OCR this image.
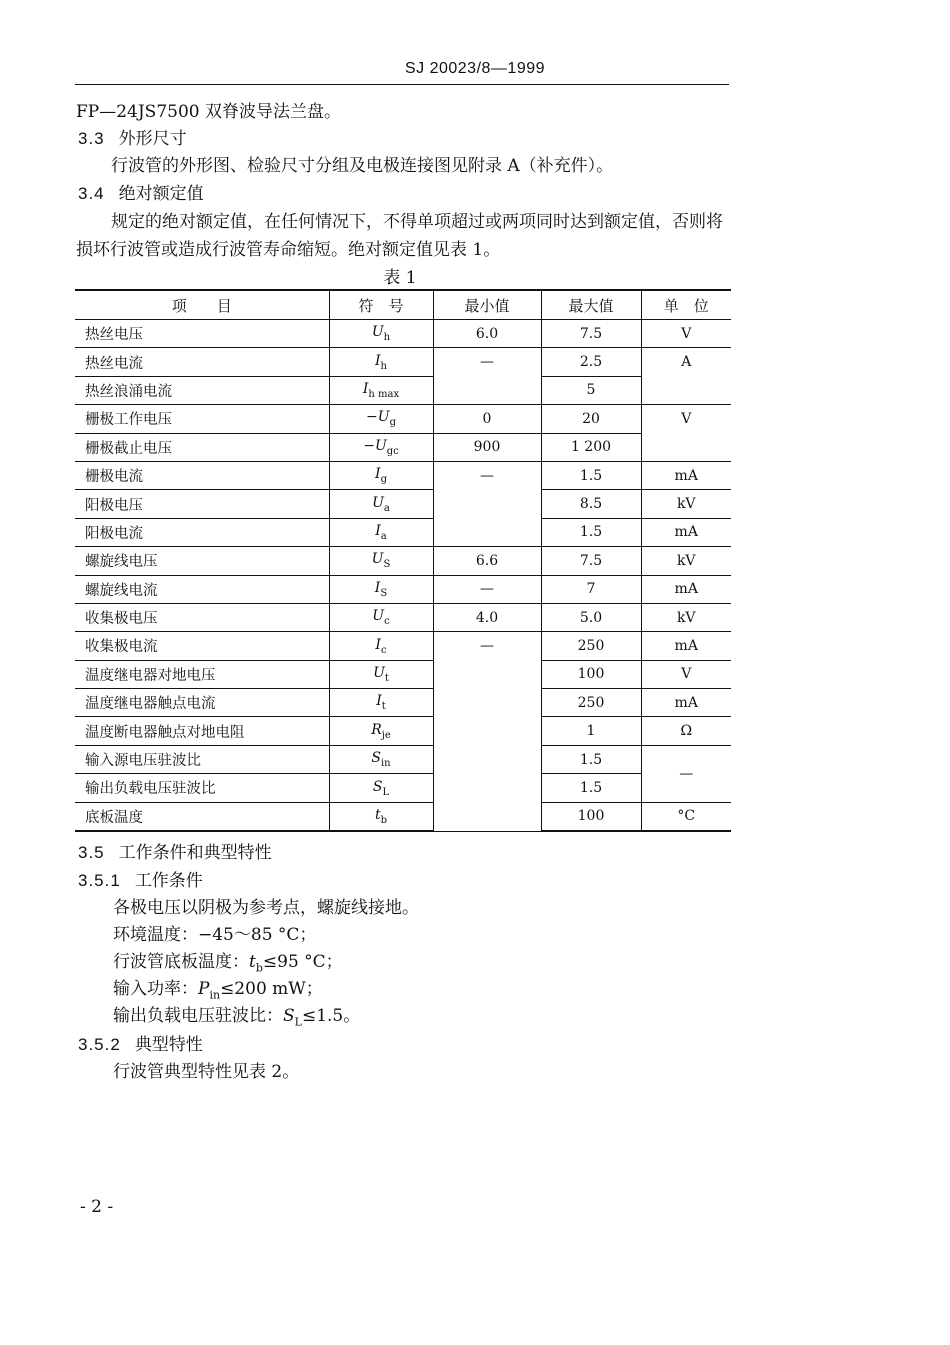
SJ 20023/8—1999
FP—24JS7500 双脊波导法兰盘。
3.3 外形尺寸
行波管的外形图、检验尺寸分组及电极连接图见附录 A（补充件）。
3.4 绝对额定值
规定的绝对额定值，在任何情况下，不得单项超过或两项同时达到额定值，否则将
损坏行波管或造成行波管寿命缩短。绝对额定值见表 1。
表 1
项　　目	符　号	最小值	最大值	单　位
热丝电压	$U_h$	6.0	7.5	V
热丝电流	$I_h$	—	2.5	A
热丝浪涌电流	$I_{h max}$		5	
栅极工作电压	$-U_g$	0	20	V
栅极截止电压	$-U_{gc}$	900	1 200	
栅极电流	$I_g$	—	1.5	mA
阳极电压	$U_a$		8.5	kV
阳极电流	$I_a$		1.5	mA
螺旋线电压	$U_S$	6.6	7.5	kV
螺旋线电流	$I_S$	—	7	mA
收集极电压	$U_c$	4.0	5.0	kV
收集极电流	$I_c$	—	250	mA
温度继电器对地电压	$U_t$		100	V
温度继电器触点电流	$I_t$		250	mA
温度断电器触点对地电阻	$R_{je}$		1	Ω
输入源电压驻波比	$S_{in}$		1.5	—
输出负载电压驻波比	$S_L$		1.5	
底板温度	$t_b$		100	°C
3.5 工作条件和典型特性
3.5.1 工作条件
各极电压以阴极为参考点，螺旋线接地。
环境温度：−45～85 °C；
行波管底板温度：$t_b\le 95$ °C；
输入功率：$P_{in}\le 200$ mW；
输出负载电压驻波比：$S_L\le 1.5$。
3.5.2 典型特性
行波管典型特性见表 2。
- 2 -
